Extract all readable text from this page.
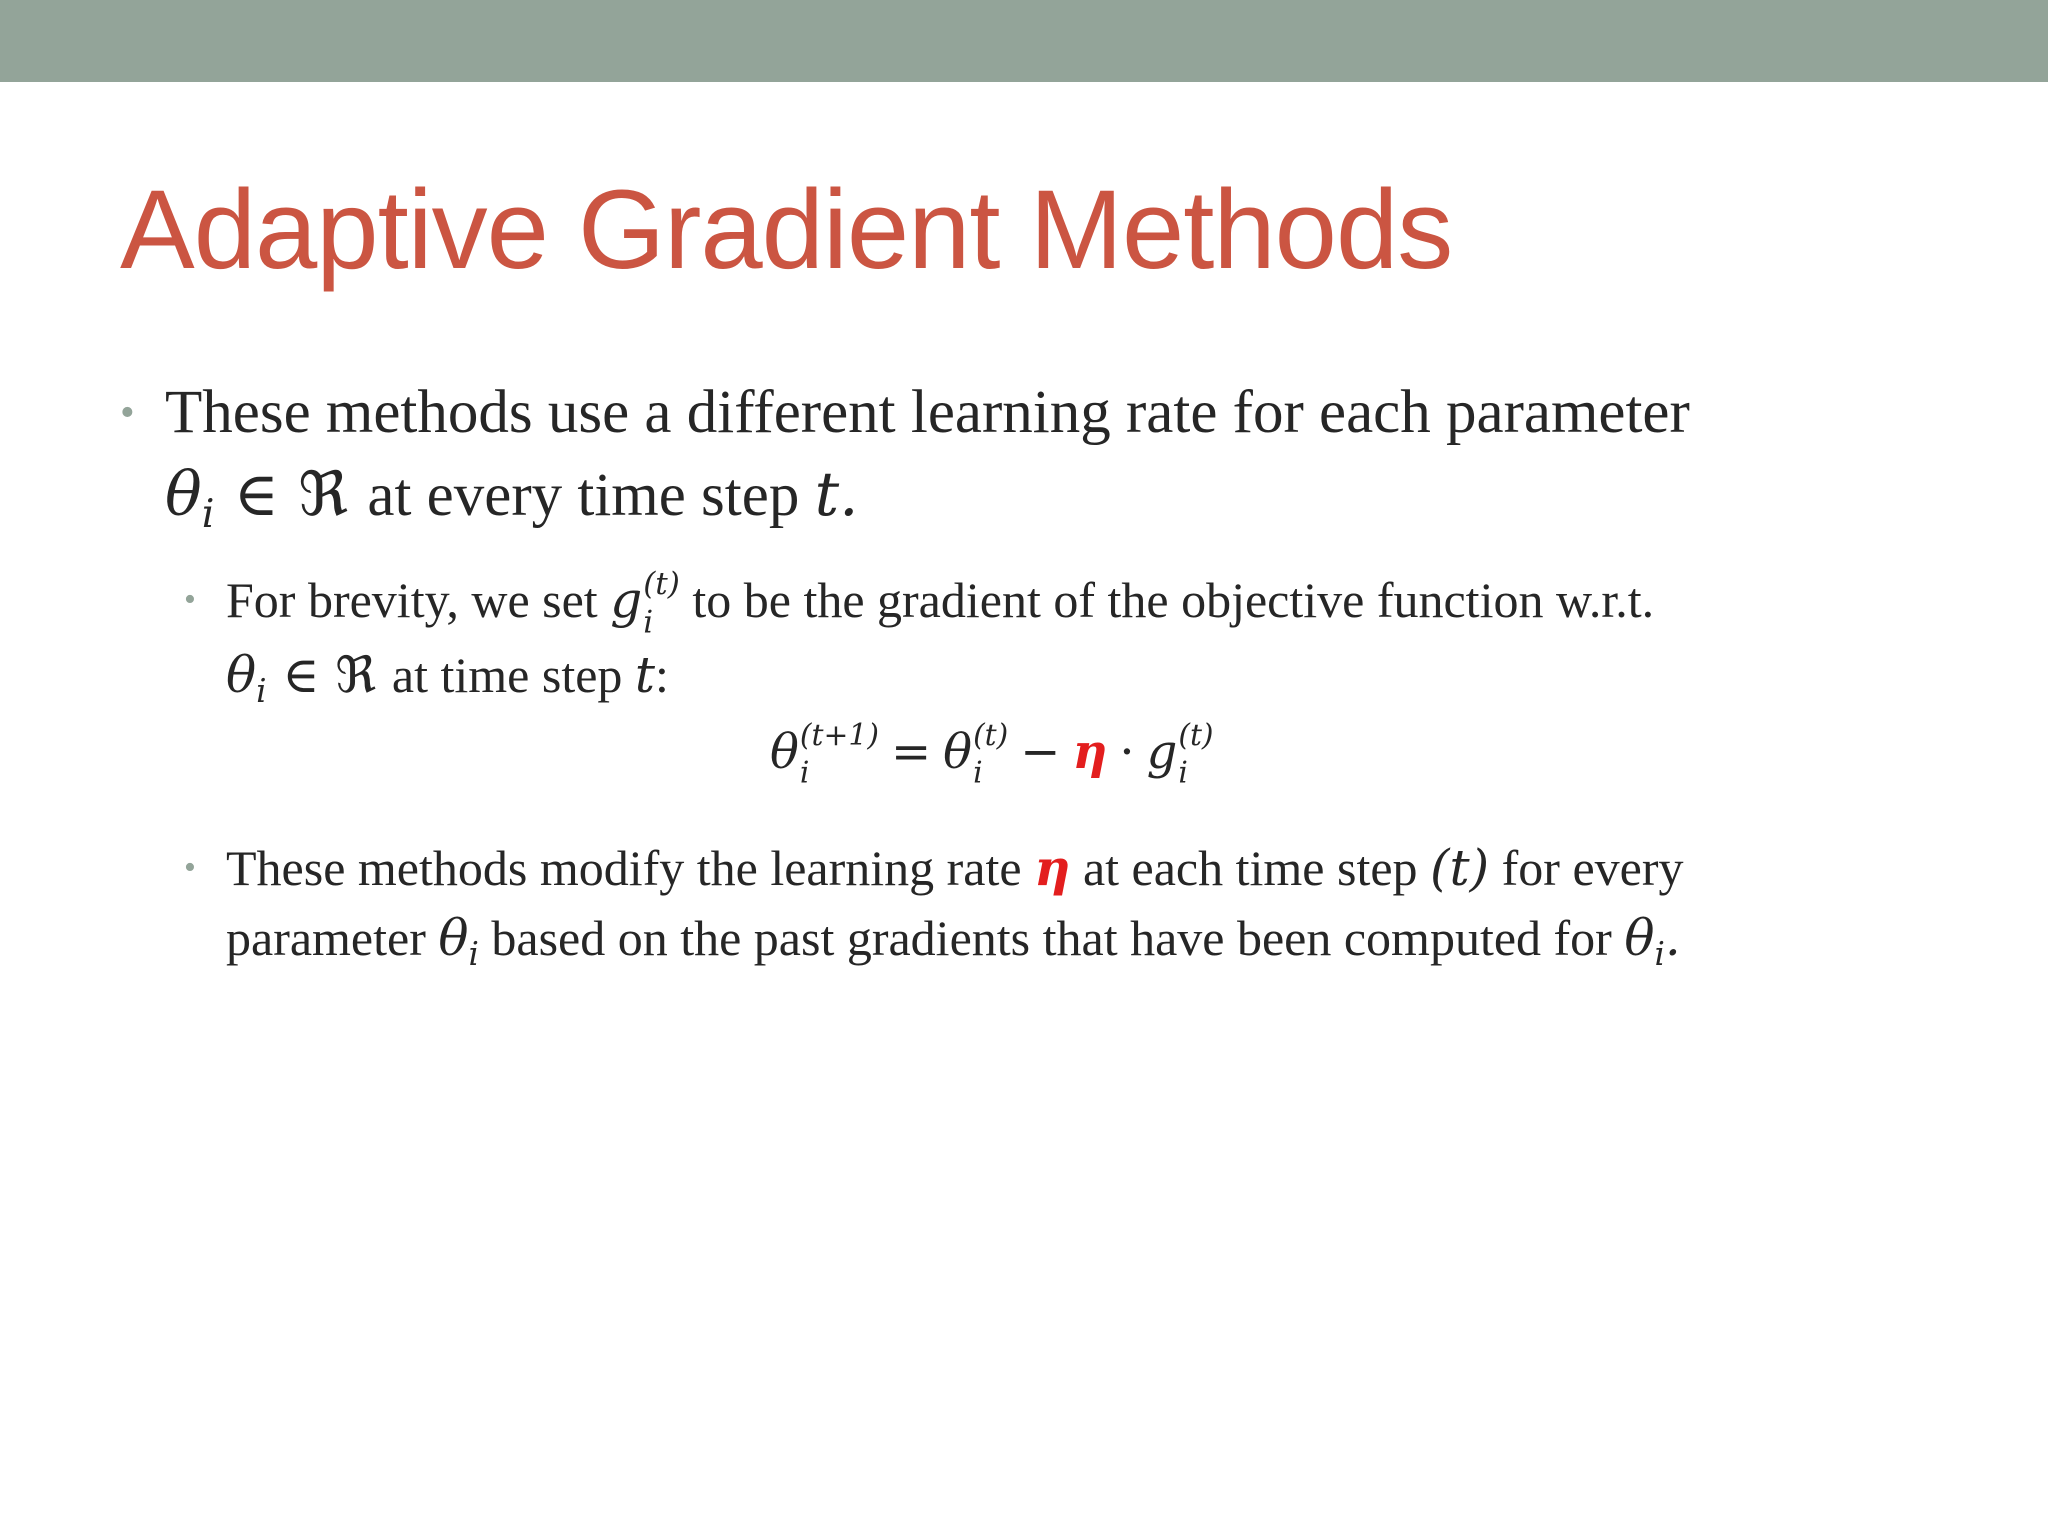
Adaptive Gradient Methods
• These methods use a different learning rate for each parameter
$\theta_i$ ∈ ℜ at every time step t.
• For brevity, we set g (t)
i to be the gradient of the objective function w.r.t.
$\theta_i$ ∈ ℜ at time step t:
θ (t+1)
i	= θ (t)
i − η · g (t)
i
• These methods modify the learning rate η at each time step (t) for every
parameter $\theta_i$ based on the past gradients that have been computed for $\theta_i$.
